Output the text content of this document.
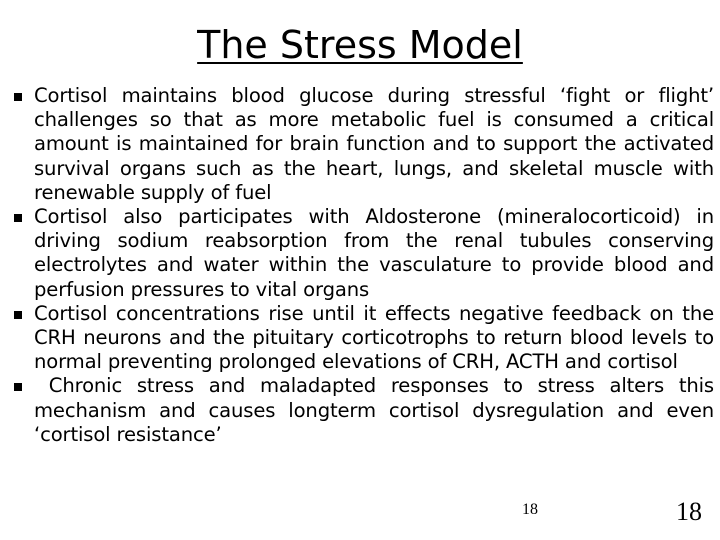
The Stress Model
Cortisol maintains blood glucose during stressful ‘fight or flight’ challenges so that as more metabolic fuel is consumed a critical amount is maintained for brain function and to support the activated survival organs such as the heart, lungs, and skeletal muscle with renewable supply of fuel
Cortisol also participates with Aldosterone (mineralocorticoid) in driving sodium reabsorption from the renal tubules conserving electrolytes and water within the vasculature to provide blood and perfusion pressures to vital organs
Cortisol concentrations rise until it effects negative feedback on the CRH neurons and the pituitary corticotrophs to return blood levels to normal preventing prolonged elevations of CRH, ACTH and cortisol
Chronic stress and maladapted responses to stress alters this mechanism and causes longterm cortisol dysregulation and even ‘cortisol resistance’
18	18
